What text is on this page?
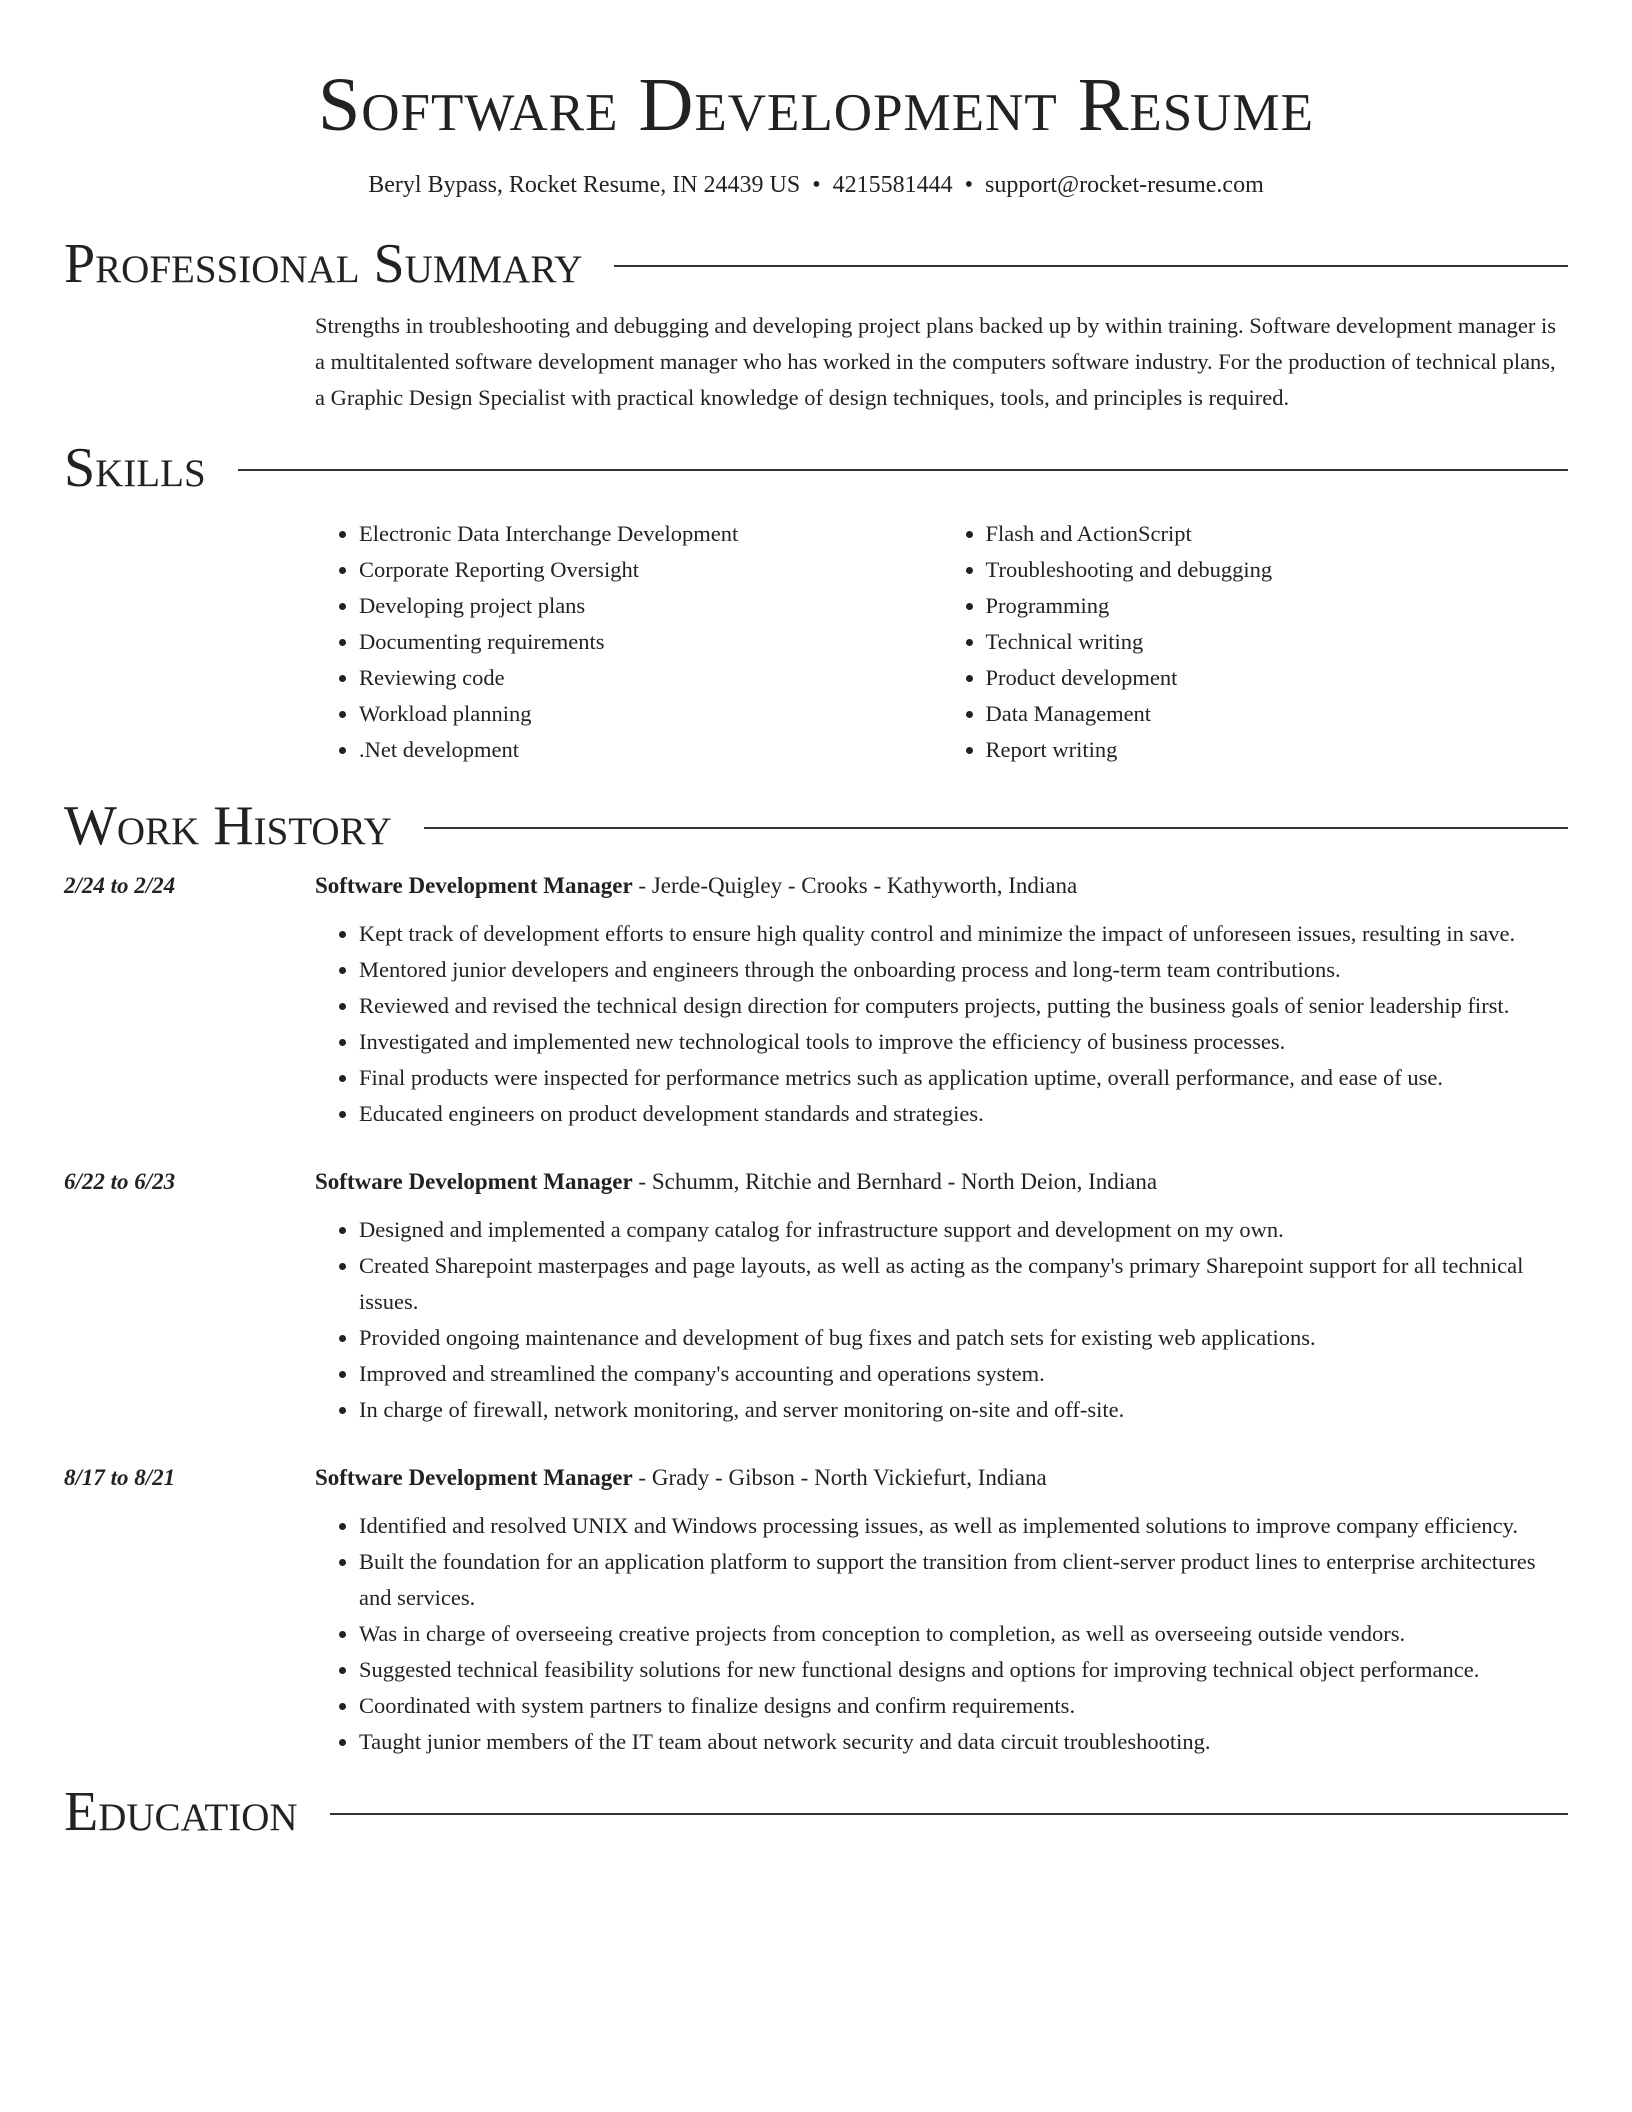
Software Development Resume
Beryl Bypass, Rocket Resume, IN 24439 US • 4215581444 • support@rocket-resume.com
Professional Summary
Strengths in troubleshooting and debugging and developing project plans backed up by within training. Software development manager is a multitalented software development manager who has worked in the computers software industry. For the production of technical plans, a Graphic Design Specialist with practical knowledge of design techniques, tools, and principles is required.
Skills
• Electronic Data Interchange Development
• Corporate Reporting Oversight
• Developing project plans
• Documenting requirements
• Reviewing code
• Workload planning
• .Net development
• Flash and ActionScript
• Troubleshooting and debugging
• Programming
• Technical writing
• Product development
• Data Management
• Report writing
Work History
2/24 to 2/24	Software Development Manager - Jerde-Quigley - Crooks - Kathyworth, Indiana
• Kept track of development efforts to ensure high quality control and minimize the impact of unforeseen issues, resulting in save.
• Mentored junior developers and engineers through the onboarding process and long-term team contributions.
• Reviewed and revised the technical design direction for computers projects, putting the business goals of senior leadership first.
• Investigated and implemented new technological tools to improve the efficiency of business processes.
• Final products were inspected for performance metrics such as application uptime, overall performance, and ease of use.
• Educated engineers on product development standards and strategies.
6/22 to 6/23	Software Development Manager - Schumm, Ritchie and Bernhard - North Deion, Indiana
• Designed and implemented a company catalog for infrastructure support and development on my own.
• Created Sharepoint masterpages and page layouts, as well as acting as the company's primary Sharepoint support for all technical issues.
• Provided ongoing maintenance and development of bug fixes and patch sets for existing web applications.
• Improved and streamlined the company's accounting and operations system.
• In charge of firewall, network monitoring, and server monitoring on-site and off-site.
8/17 to 8/21	Software Development Manager - Grady - Gibson - North Vickiefurt, Indiana
• Identified and resolved UNIX and Windows processing issues, as well as implemented solutions to improve company efficiency.
• Built the foundation for an application platform to support the transition from client-server product lines to enterprise architectures and services.
• Was in charge of overseeing creative projects from conception to completion, as well as overseeing outside vendors.
• Suggested technical feasibility solutions for new functional designs and options for improving technical object performance.
• Coordinated with system partners to finalize designs and confirm requirements.
• Taught junior members of the IT team about network security and data circuit troubleshooting.
Education
